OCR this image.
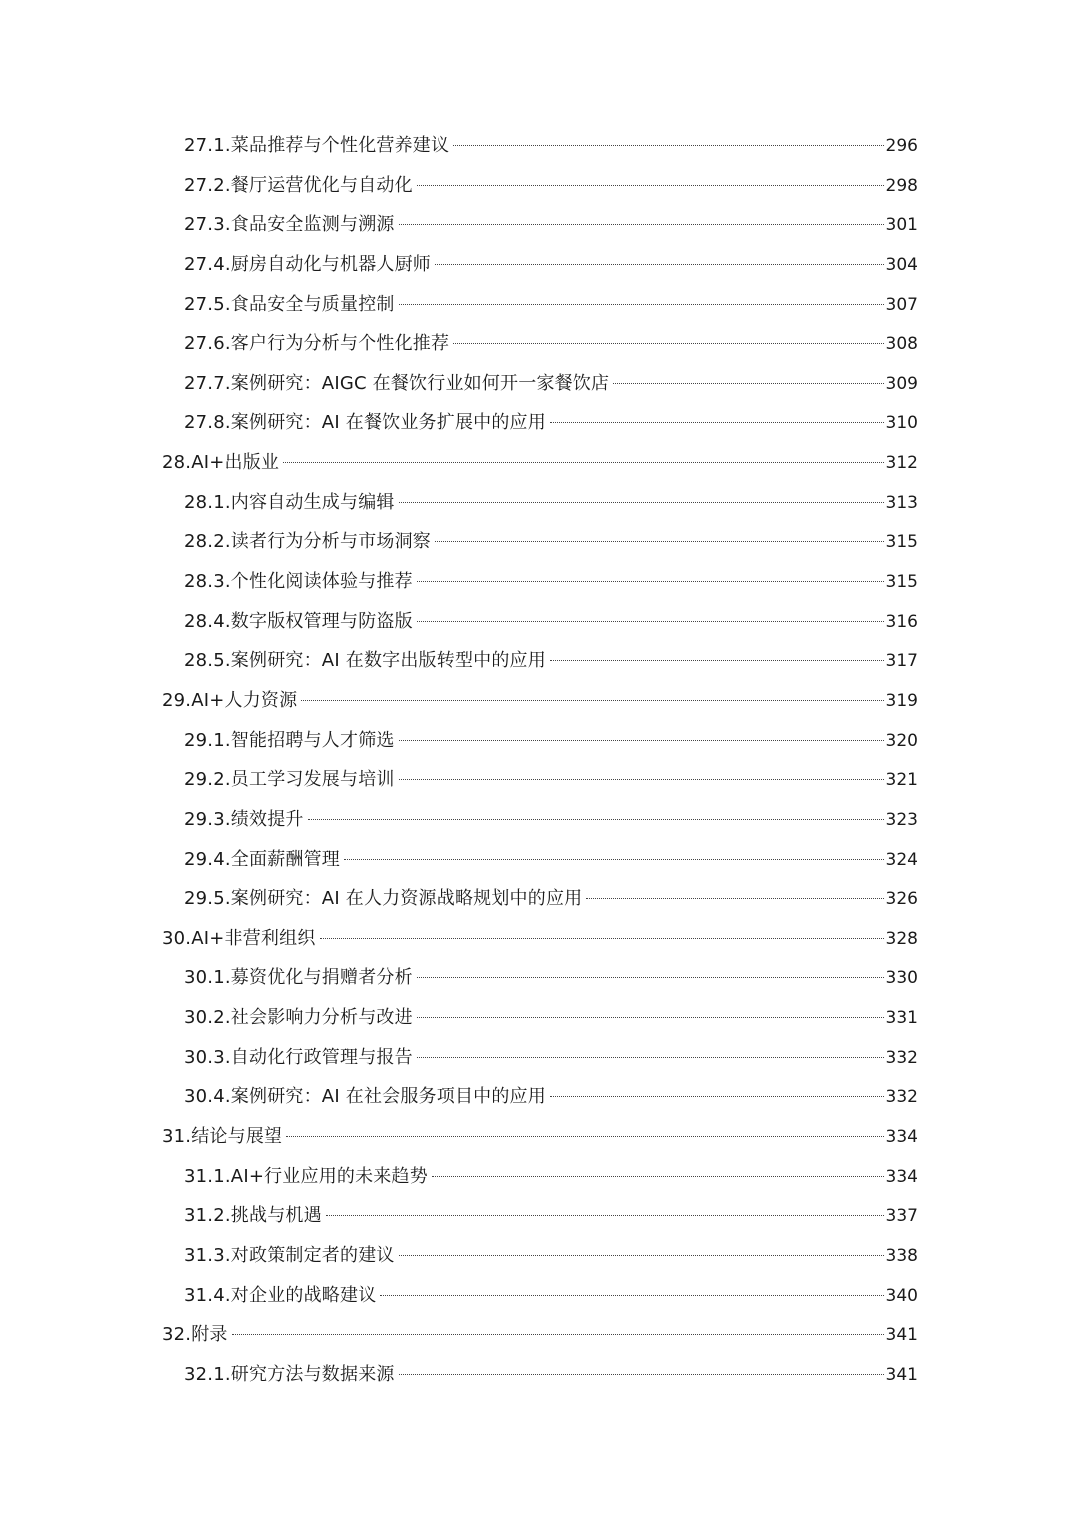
27.1.菜品推荐与个性化营养建议	296
27.2.餐厅运营优化与自动化	298
27.3.食品安全监测与溯源	301
27.4.厨房自动化与机器人厨师	304
27.5.食品安全与质量控制	307
27.6.客户行为分析与个性化推荐	308
27.7.案例研究：AIGC 在餐饮行业如何开一家餐饮店	309
27.8.案例研究：AI 在餐饮业务扩展中的应用	310
28.AI+出版业	312
28.1.内容自动生成与编辑	313
28.2.读者行为分析与市场洞察	315
28.3.个性化阅读体验与推荐	315
28.4.数字版权管理与防盗版	316
28.5.案例研究：AI 在数字出版转型中的应用	317
29.AI+人力资源	319
29.1.智能招聘与人才筛选	320
29.2.员工学习发展与培训	321
29.3.绩效提升	323
29.4.全面薪酬管理	324
29.5.案例研究：AI 在人力资源战略规划中的应用	326
30.AI+非营利组织	328
30.1.募资优化与捐赠者分析	330
30.2.社会影响力分析与改进	331
30.3.自动化行政管理与报告	332
30.4.案例研究：AI 在社会服务项目中的应用	332
31.结论与展望	334
31.1.AI+行业应用的未来趋势	334
31.2.挑战与机遇	337
31.3.对政策制定者的建议	338
31.4.对企业的战略建议	340
32.附录	341
32.1.研究方法与数据来源	341
